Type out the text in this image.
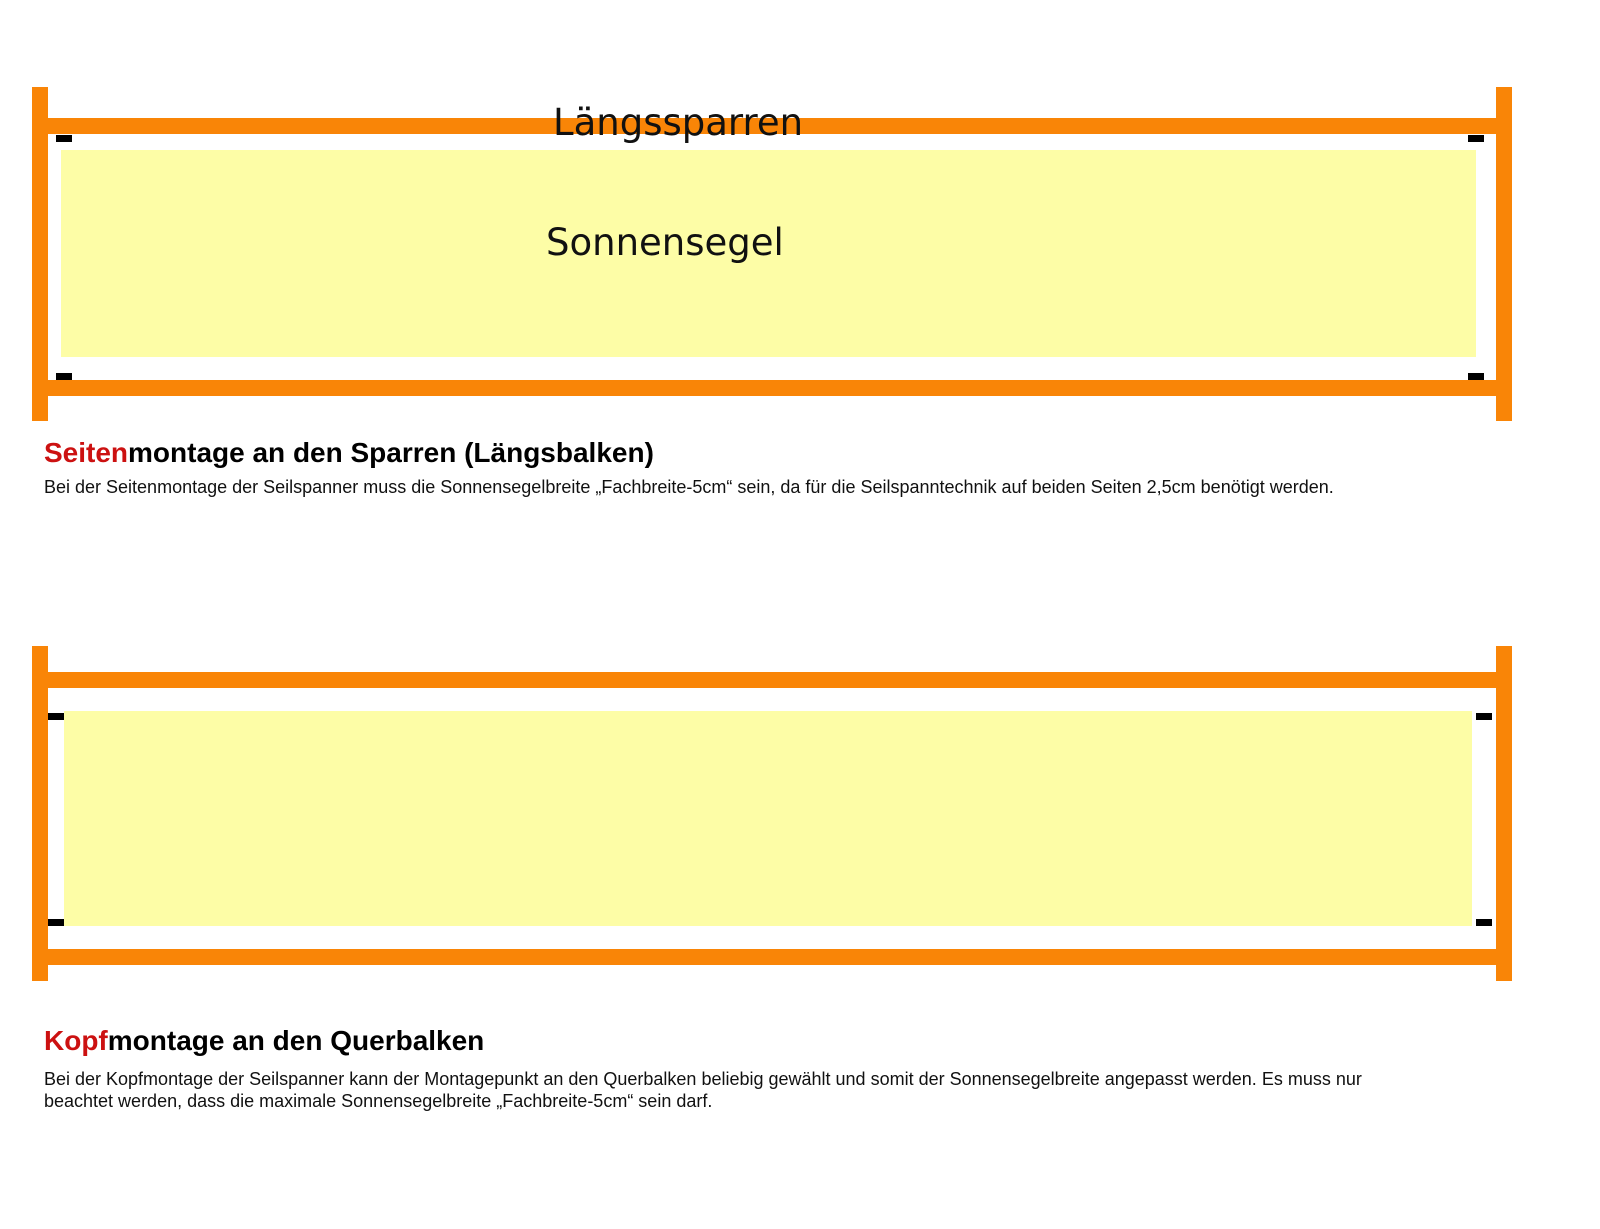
Längssparren
Sonnensegel
Seitenmontage an den Sparren (Längsbalken)

Bei der Seitenmontage der Seilspanner muss die Sonnensegelbreite „Fachbreite-5cm“ sein, da für die Seilspanntechnik auf beiden Seiten 2,5cm benötigt werden.

Kopfmontage an den Querbalken

Bei der Kopfmontage der Seilspanner kann der Montagepunkt an den Querbalken beliebig gewählt und somit der Sonnensegelbreite angepasst werden. Es muss nur beachtet werden, dass die maximale Sonnensegelbreite „Fachbreite-5cm“ sein darf.
